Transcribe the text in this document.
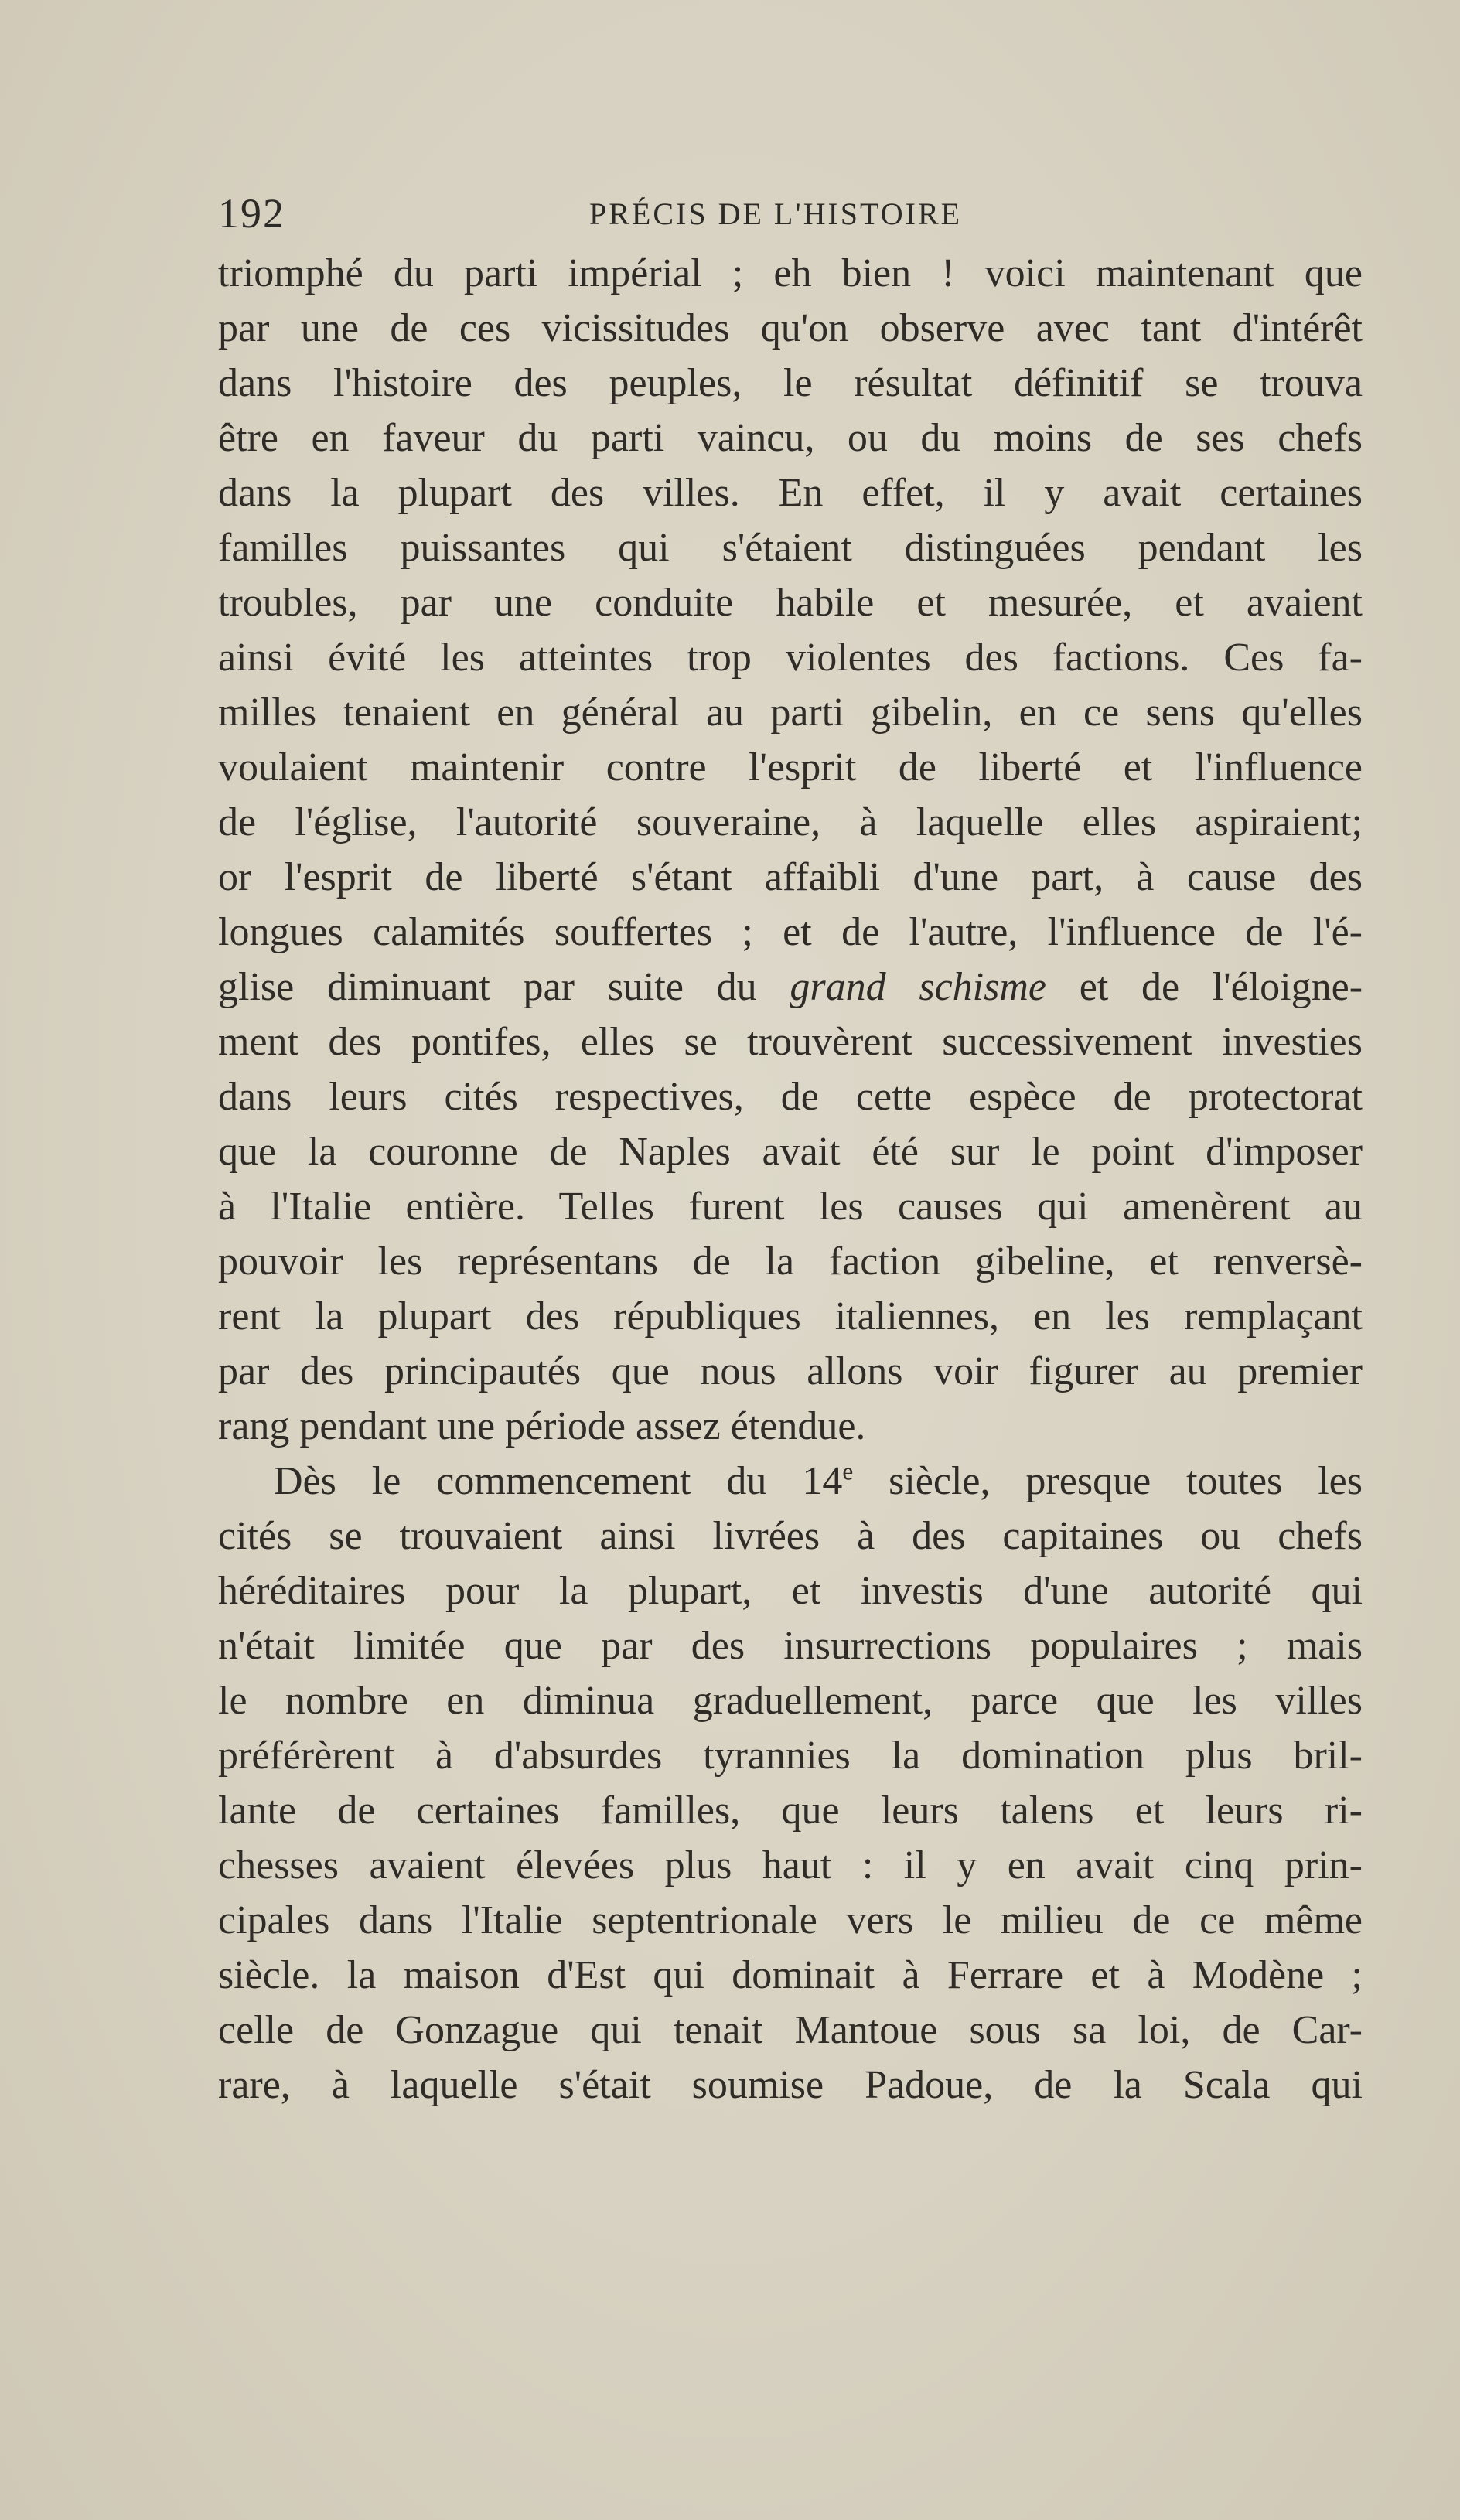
192	PRÉCIS DE L'HISTOIRE
triomphé du parti impérial ; eh bien ! voici maintenant que
par une de ces vicissitudes qu'on observe avec tant d'intérêt
dans l'histoire des peuples, le résultat définitif se trouva
être en faveur du parti vaincu, ou du moins de ses chefs
dans la plupart des villes. En effet, il y avait certaines
familles puissantes qui s'étaient distinguées pendant les
troubles, par une conduite habile et mesurée, et avaient
ainsi évité les atteintes trop violentes des factions. Ces fa-
milles tenaient en général au parti gibelin, en ce sens qu'elles
voulaient maintenir contre l'esprit de liberté et l'influence
de l'église, l'autorité souveraine, à laquelle elles aspiraient;
or l'esprit de liberté s'étant affaibli d'une part, à cause des
longues calamités souffertes ; et de l'autre, l'influence de l'é-
glise diminuant par suite du grand schisme et de l'éloigne-
ment des pontifes, elles se trouvèrent successivement investies
dans leurs cités respectives, de cette espèce de protectorat
que la couronne de Naples avait été sur le point d'imposer
à l'Italie entière. Telles furent les causes qui amenèrent au
pouvoir les représentans de la faction gibeline, et renversè-
rent la plupart des républiques italiennes, en les remplaçant
par des principautés que nous allons voir figurer au premier
rang pendant une période assez étendue.
Dès le commencement du 14e siècle, presque toutes les
cités se trouvaient ainsi livrées à des capitaines ou chefs
héréditaires pour la plupart, et investis d'une autorité qui
n'était limitée que par des insurrections populaires ; mais
le nombre en diminua graduellement, parce que les villes
préférèrent à d'absurdes tyrannies la domination plus bril-
lante de certaines familles, que leurs talens et leurs ri-
chesses avaient élevées plus haut : il y en avait cinq prin-
cipales dans l'Italie septentrionale vers le milieu de ce même
siècle. la maison d'Est qui dominait à Ferrare et à Modène ;
celle de Gonzague qui tenait Mantoue sous sa loi, de Car-
rare, à laquelle s'était soumise Padoue, de la Scala qui
